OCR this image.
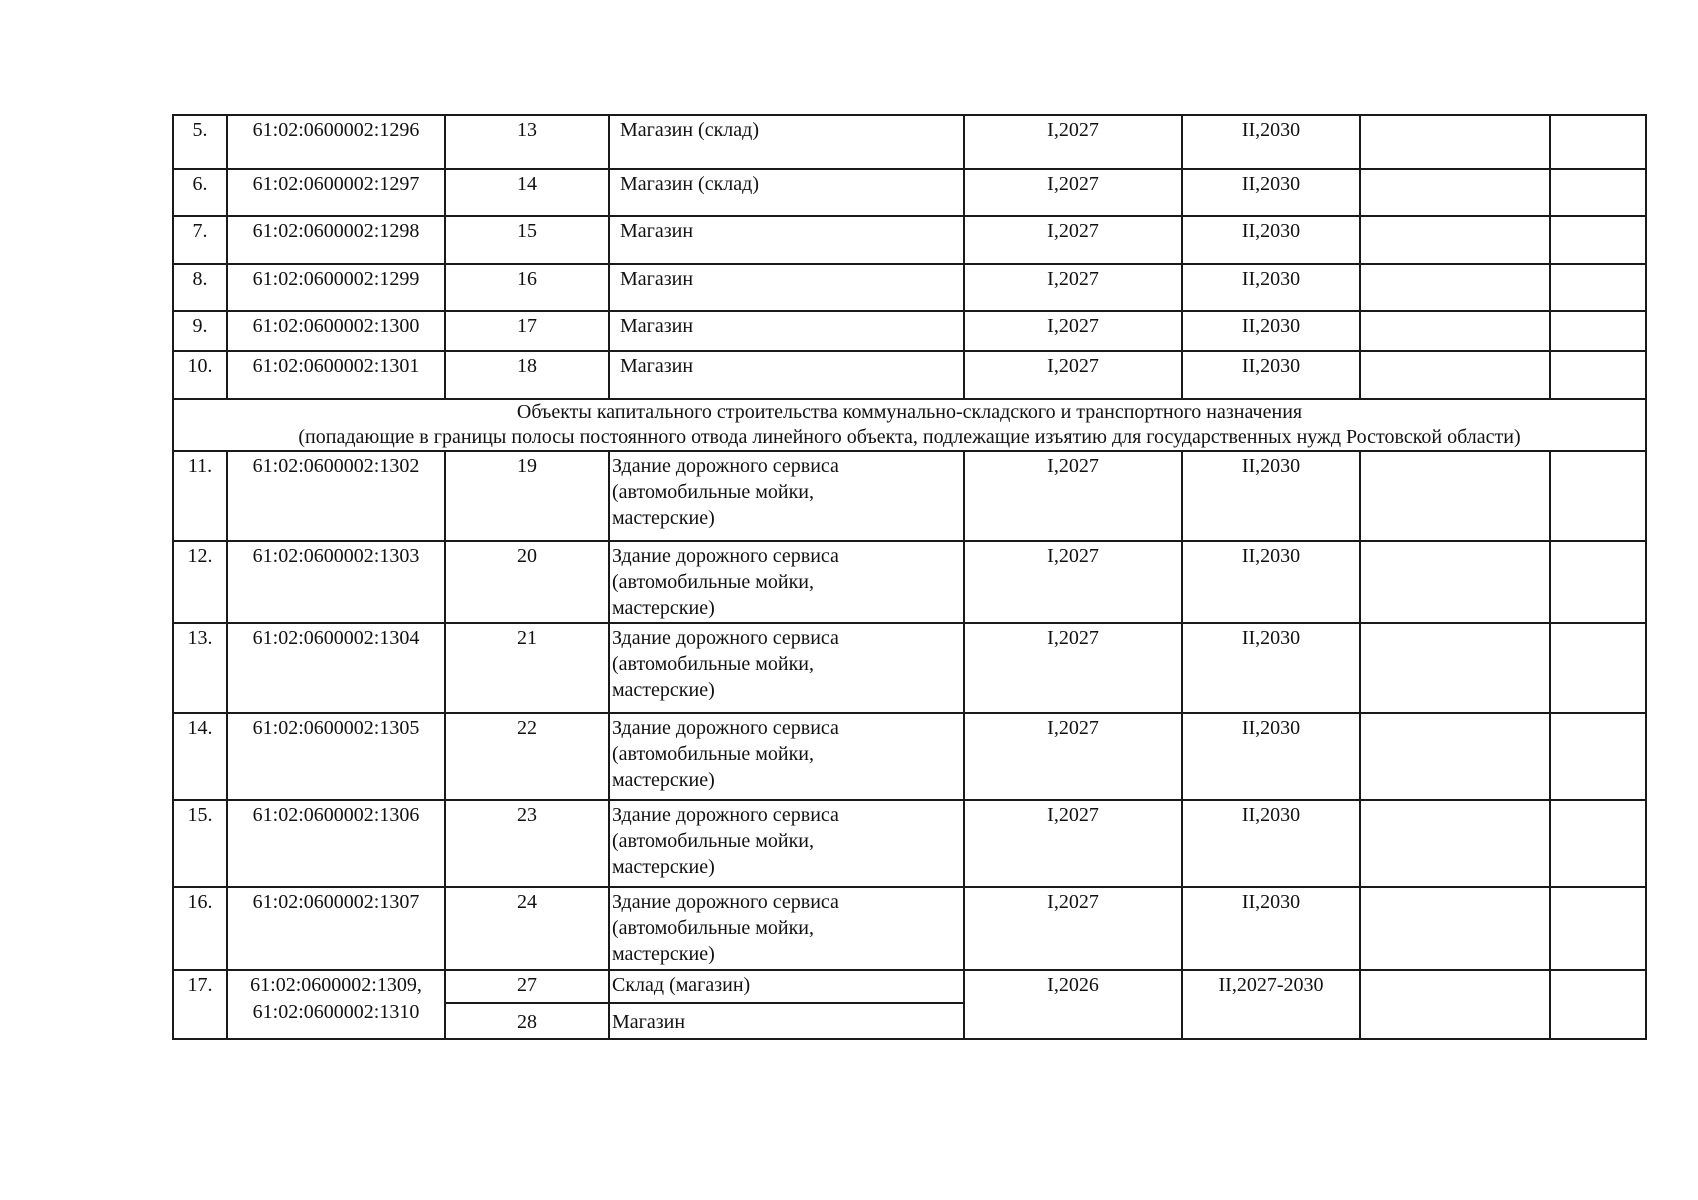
5.	61:02:0600002:1296	13	Магазин (склад)	I,2027	II,2030		

6.	61:02:0600002:1297	14	Магазин (склад)	I,2027	II,2030		

7.	61:02:0600002:1298	15	Магазин	I,2027	II,2030		

8.	61:02:0600002:1299	16	Магазин	I,2027	II,2030		

9.	61:02:0600002:1300	17	Магазин	I,2027	II,2030		

10.	61:02:0600002:1301	18	Магазин	I,2027	II,2030		

Объекты капитального строительства коммунально-складского и транспортного назначения
(попадающие в границы полосы постоянного отвода линейного объекта, подлежащие изъятию для государственных нужд Ростовской области)							

11.	61:02:0600002:1302	19	Здание дорожного сервиса
(автомобильные мойки,
мастерские)	I,2027	II,2030		

12.	61:02:0600002:1303	20	Здание дорожного сервиса
(автомобильные мойки,
мастерские)	I,2027	II,2030		

13.	61:02:0600002:1304	21	Здание дорожного сервиса
(автомобильные мойки,
мастерские)	I,2027	II,2030		

14.	61:02:0600002:1305	22	Здание дорожного сервиса
(автомобильные мойки,
мастерские)	I,2027	II,2030		

15.	61:02:0600002:1306	23	Здание дорожного сервиса
(автомобильные мойки,
мастерские)	I,2027	II,2030		

16.	61:02:0600002:1307	24	Здание дорожного сервиса
(автомобильные мойки,
мастерские)	I,2027	II,2030		

17.	61:02:0600002:1309,
61:02:0600002:1310	27	Склад (магазин)	I,2026	II,2027-2030		

		28	Магазин				
